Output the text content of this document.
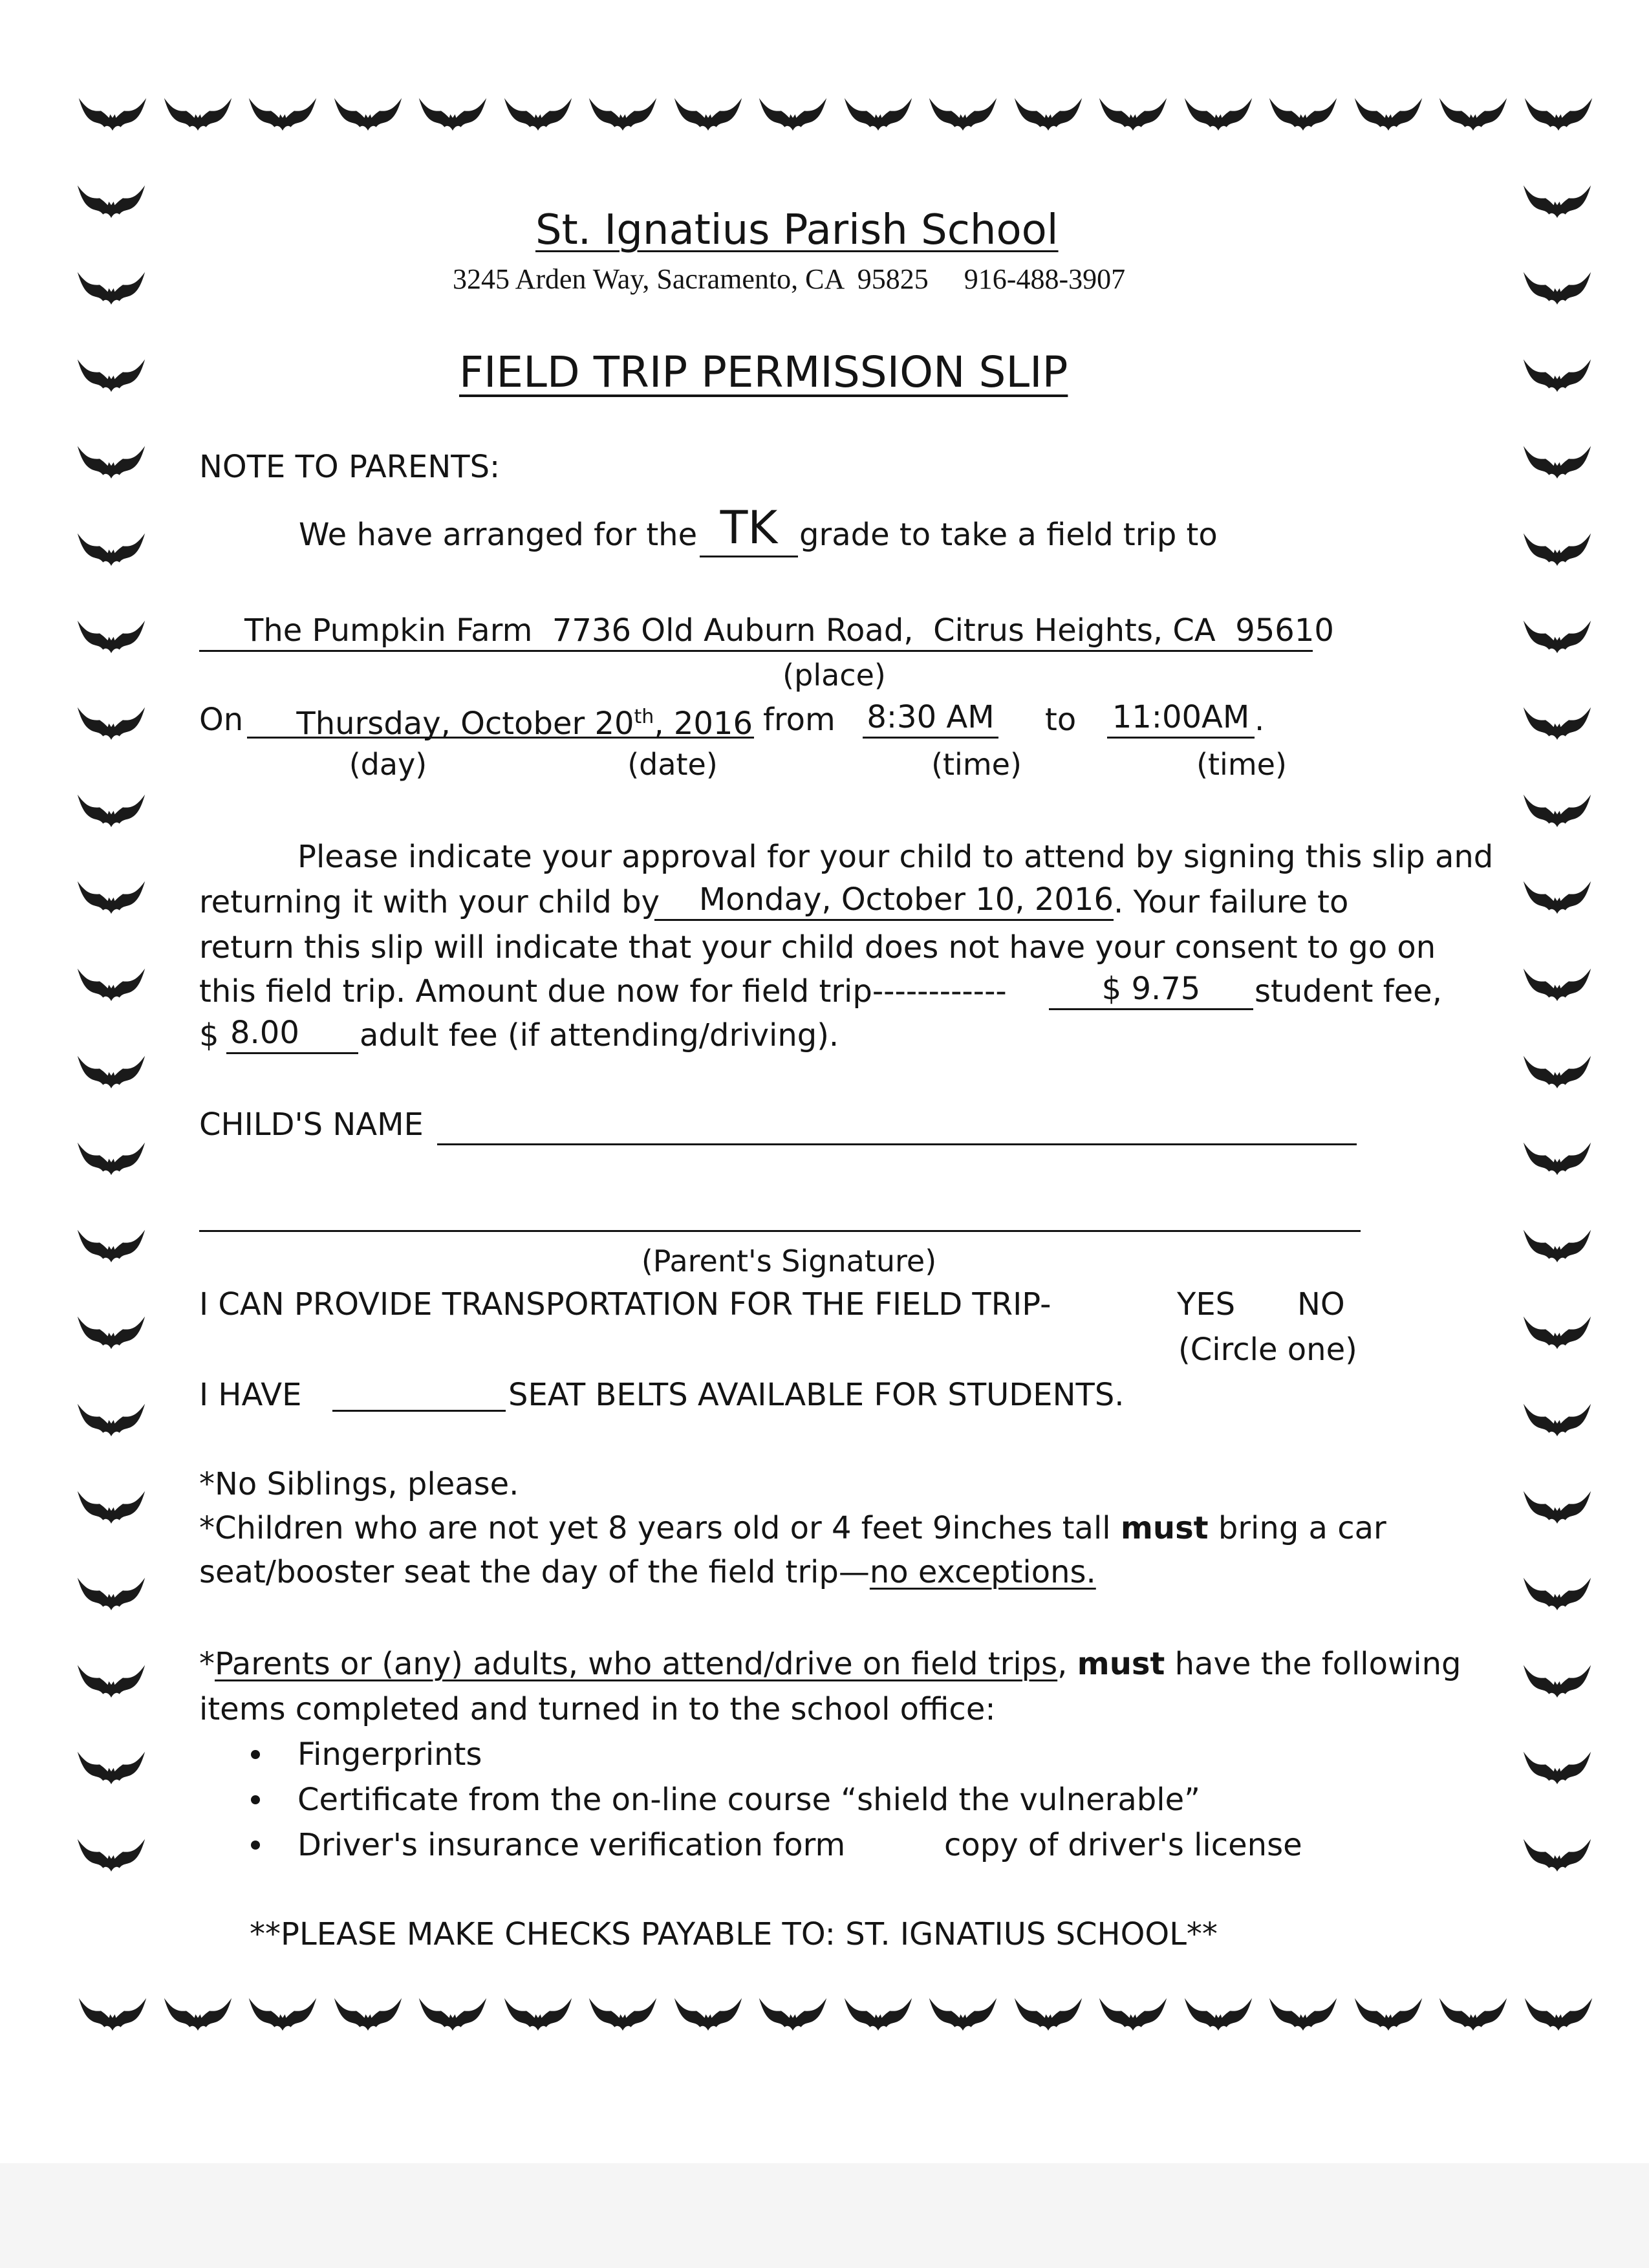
St. Ignatius Parish School
3245 Arden Way, Sacramento, CA  95825     916-488-3907
FIELD TRIP PERMISSION SLIP
NOTE TO PARENTS:
We have arranged for the TK grade to take a field trip to
The Pumpkin Farm  7736 Old Auburn Road,  Citrus Heights, CA  95610
(place)
On	Thursday, October 20th, 2016 from 8:30 AM to 11:00AM .
(day)	(date)	(time)	(time)
Please indicate your approval for your child to attend by signing this slip and
returning it with your child by	Monday, October 10, 2016 . Your failure to
return this slip will indicate that your child does not have your consent to go on
this field trip. Amount due now for field trip------------	$ 9.75	student fee,
$ 8.00	adult fee (if attending/driving).
CHILD'S NAME
(Parent's Signature)
I CAN PROVIDE TRANSPORTATION FOR THE FIELD TRIP-	YES NO
(Circle one)
I HAVE	SEAT BELTS AVAILABLE FOR STUDENTS.
*No Siblings, please.
*Children who are not yet 8 years old or 4 feet 9inches tall must bring a car
seat/booster seat the day of the field trip—no exceptions.
*Parents or (any) adults, who attend/drive on field trips, must have the following
items completed and turned in to the school office:
Fingerprints
Certificate from the on-line course “shield the vulnerable”
Driver's insurance verification form	copy of driver's license
**PLEASE MAKE CHECKS PAYABLE TO: ST. IGNATIUS SCHOOL**
